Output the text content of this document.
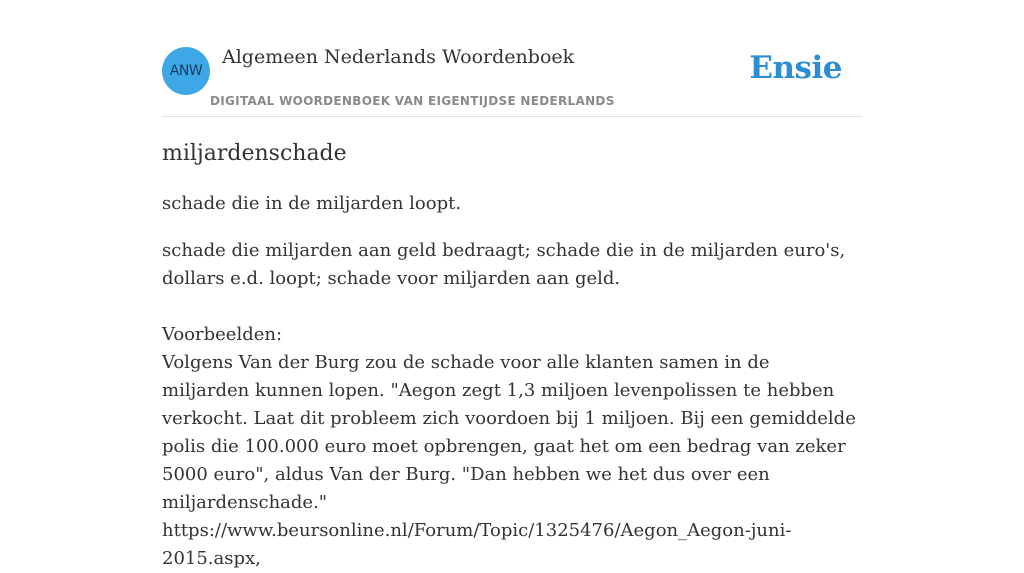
ANW
Algemeen Nederlands Woordenboek
DIGITAAL WOORDENBOEK VAN EIGENTIJDSE NEDERLANDS
Ensie
miljardenschade

schade die in de miljarden loopt.

schade die miljarden aan geld bedraagt; schade die in de miljarden euro's, dollars e.d. loopt; schade voor miljarden aan geld.

Voorbeelden:

Volgens Van der Burg zou de schade voor alle klanten samen in de miljarden kunnen lopen. "Aegon zegt 1,3 miljoen levenpolissen te hebben verkocht. Laat dit probleem zich voordoen bij 1 miljoen. Bij een gemiddelde polis die 100.000 euro moet opbrengen, gaat het om een bedrag van zeker 5000 euro", aldus Van der Burg. "Dan hebben we het dus over een miljardenschade." https://www.beursonline.nl/Forum/Topic/1325476/Aegon_Aegon-juni-2015.aspx,
